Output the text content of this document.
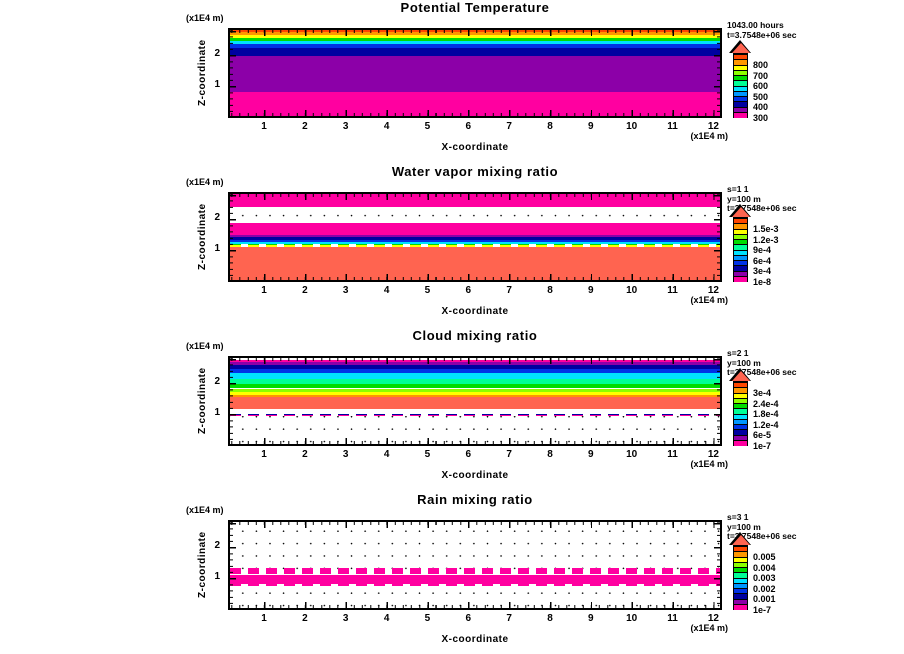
Potential Temperature
(x1E4 m)
Z-coordinate
(x1E4 m)
X-coordinate
1043.00 hours
t=3.7548e+06 sec
800
700
600
500
400
300
1	2	3	4	5	6	7	8	9	10	11	12
2
1
Water vapor mixing ratio
(x1E4 m)
Z-coordinate
(x1E4 m)
X-coordinate
s=1 1
y=100 m
t=3.7548e+06 sec
1.5e-3
1.2e-3
9e-4
6e-4
3e-4
1e-8
1	2	3	4	5	6	7	8	9	10	11	12
2
1
Cloud mixing ratio
(x1E4 m)
Z-coordinate
(x1E4 m)
X-coordinate
s=2 1
y=100 m
t=3.7548e+06 sec
3e-4
2.4e-4
1.8e-4
1.2e-4
6e-5
1e-7
1	2	3	4	5	6	7	8	9	10	11	12
2
1
Rain mixing ratio
(x1E4 m)
Z-coordinate
(x1E4 m)
X-coordinate
s=3 1
y=100 m
t=3.7548e+06 sec
0.005
0.004
0.003
0.002
0.001
1e-7
1	2	3	4	5	6	7	8	9	10	11	12
2
1
